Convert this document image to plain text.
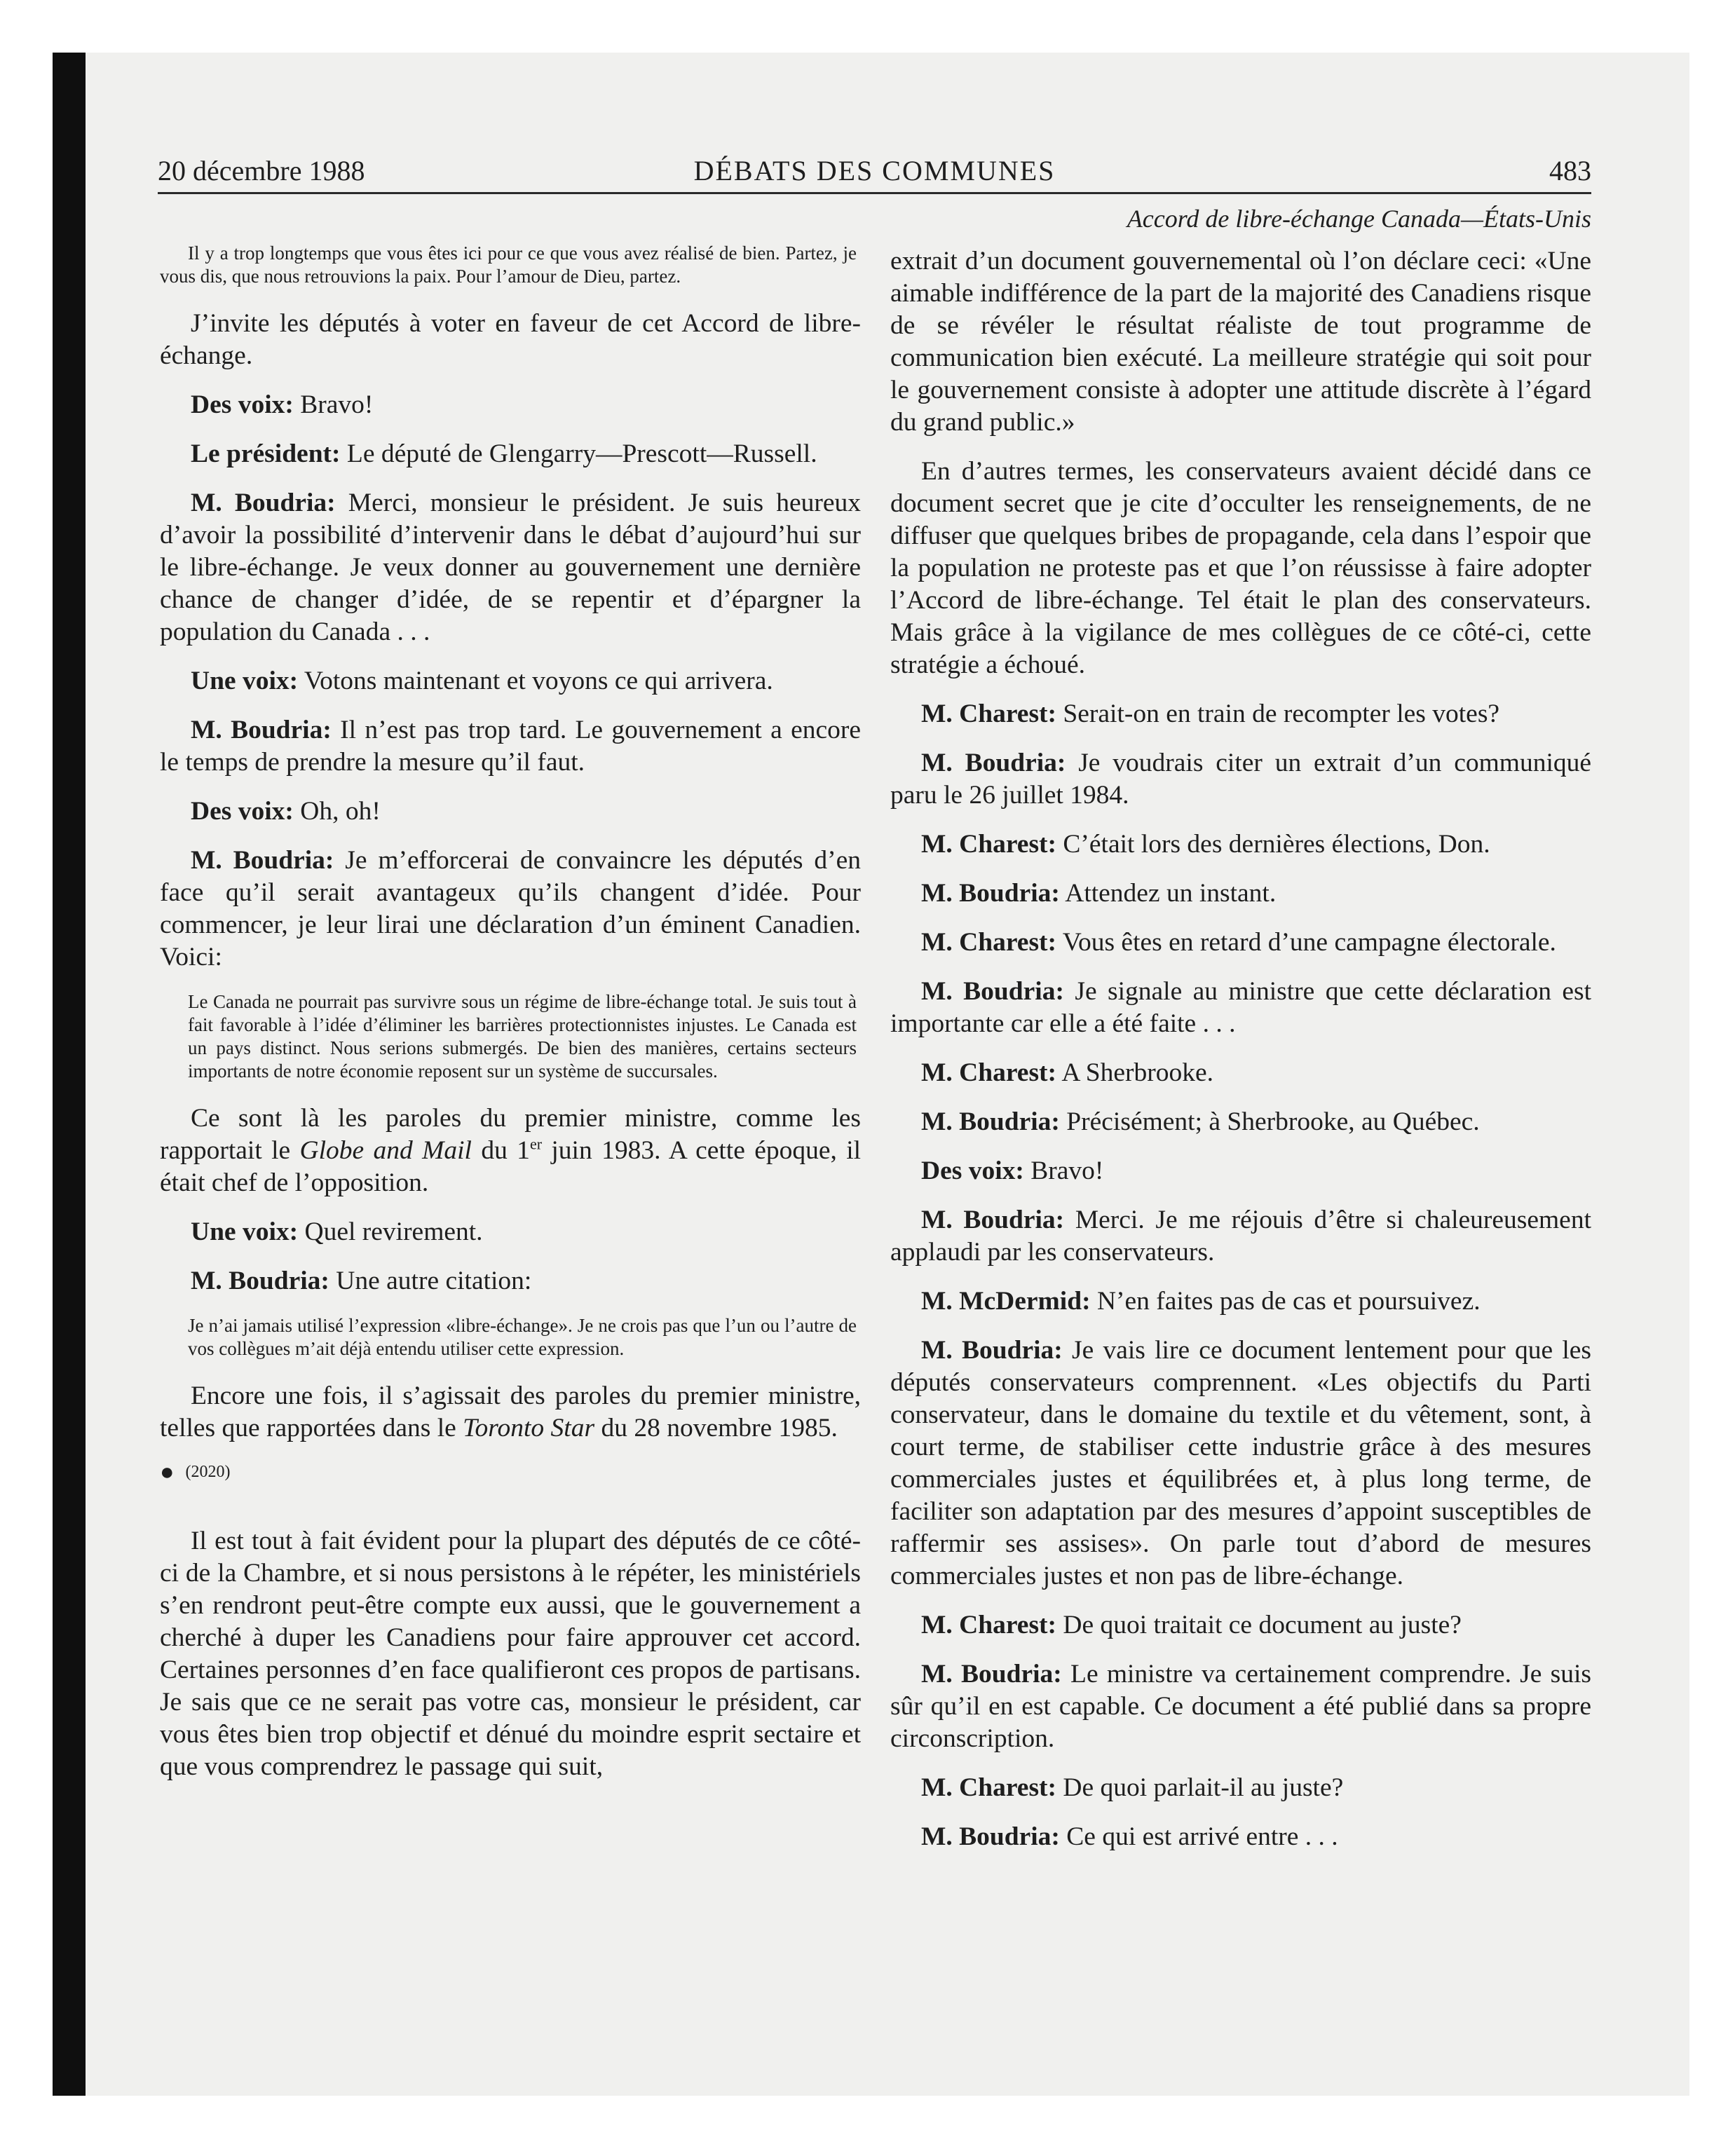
20 décembre 1988	DÉBATS DES COMMUNES	483
Accord de libre-échange Canada—États-Unis

Il y a trop longtemps que vous êtes ici pour ce que vous avez réalisé de bien. Partez, je vous dis, que nous retrouvions la paix. Pour l’amour de Dieu, partez.

J’invite les députés à voter en faveur de cet Accord de libre-échange.

Des voix: Bravo!

Le président: Le député de Glengarry—Prescott—Russell.

M. Boudria: Merci, monsieur le président. Je suis heureux d’avoir la possibilité d’intervenir dans le débat d’aujourd’hui sur le libre-échange. Je veux donner au gouvernement une dernière chance de changer d’idée, de se repentir et d’épargner la population du Canada . . .

Une voix: Votons maintenant et voyons ce qui arrivera.

M. Boudria: Il n’est pas trop tard. Le gouvernement a encore le temps de prendre la mesure qu’il faut.

Des voix: Oh, oh!

M. Boudria: Je m’efforcerai de convaincre les députés d’en face qu’il serait avantageux qu’ils changent d’idée. Pour commencer, je leur lirai une déclaration d’un éminent Canadien. Voici:

Le Canada ne pourrait pas survivre sous un régime de libre-échange total. Je suis tout à fait favorable à l’idée d’éliminer les barrières protectionnistes injustes. Le Canada est un pays distinct. Nous serions submergés. De bien des manières, certains secteurs importants de notre économie reposent sur un système de succursales.

Ce sont là les paroles du premier ministre, comme les rapportait le Globe and Mail du 1er juin 1983. A cette époque, il était chef de l’opposition.

Une voix: Quel revirement.

M. Boudria: Une autre citation:

Je n’ai jamais utilisé l’expression «libre-échange». Je ne crois pas que l’un ou l’autre de vos collègues m’ait déjà entendu utiliser cette expression.

Encore une fois, il s’agissait des paroles du premier ministre, telles que rapportées dans le Toronto Star du 28 novembre 1985.

● (2020)

Il est tout à fait évident pour la plupart des députés de ce côté-ci de la Chambre, et si nous persistons à le répéter, les ministériels s’en rendront peut-être compte eux aussi, que le gouvernement a cherché à duper les Canadiens pour faire approuver cet accord. Certaines personnes d’en face qualifieront ces propos de partisans. Je sais que ce ne serait pas votre cas, monsieur le président, car vous êtes bien trop objectif et dénué du moindre esprit sectaire et que vous comprendrez le passage qui suit,

extrait d’un document gouvernemental où l’on déclare ceci: «Une aimable indifférence de la part de la majorité des Canadiens risque de se révéler le résultat réaliste de tout programme de communication bien exécuté. La meilleure stratégie qui soit pour le gouvernement consiste à adopter une attitude discrète à l’égard du grand public.»

En d’autres termes, les conservateurs avaient décidé dans ce document secret que je cite d’occulter les renseignements, de ne diffuser que quelques bribes de propagande, cela dans l’espoir que la population ne proteste pas et que l’on réussisse à faire adopter l’Accord de libre-échange. Tel était le plan des conservateurs. Mais grâce à la vigilance de mes collègues de ce côté-ci, cette stratégie a échoué.

M. Charest: Serait-on en train de recompter les votes?

M. Boudria: Je voudrais citer un extrait d’un communiqué paru le 26 juillet 1984.

M. Charest: C’était lors des dernières élections, Don.

M. Boudria: Attendez un instant.

M. Charest: Vous êtes en retard d’une campagne électorale.

M. Boudria: Je signale au ministre que cette déclaration est importante car elle a été faite . . .

M. Charest: A Sherbrooke.

M. Boudria: Précisément; à Sherbrooke, au Québec.

Des voix: Bravo!

M. Boudria: Merci. Je me réjouis d’être si chaleureusement applaudi par les conservateurs.

M. McDermid: N’en faites pas de cas et poursuivez.

M. Boudria: Je vais lire ce document lentement pour que les députés conservateurs comprennent. «Les objectifs du Parti conservateur, dans le domaine du textile et du vêtement, sont, à court terme, de stabiliser cette industrie grâce à des mesures commerciales justes et équilibrées et, à plus long terme, de faciliter son adaptation par des mesures d’appoint susceptibles de raffermir ses assises». On parle tout d’abord de mesures commerciales justes et non pas de libre-échange.

M. Charest: De quoi traitait ce document au juste?

M. Boudria: Le ministre va certainement comprendre. Je suis sûr qu’il en est capable. Ce document a été publié dans sa propre circonscription.

M. Charest: De quoi parlait-il au juste?

M. Boudria: Ce qui est arrivé entre . . .
